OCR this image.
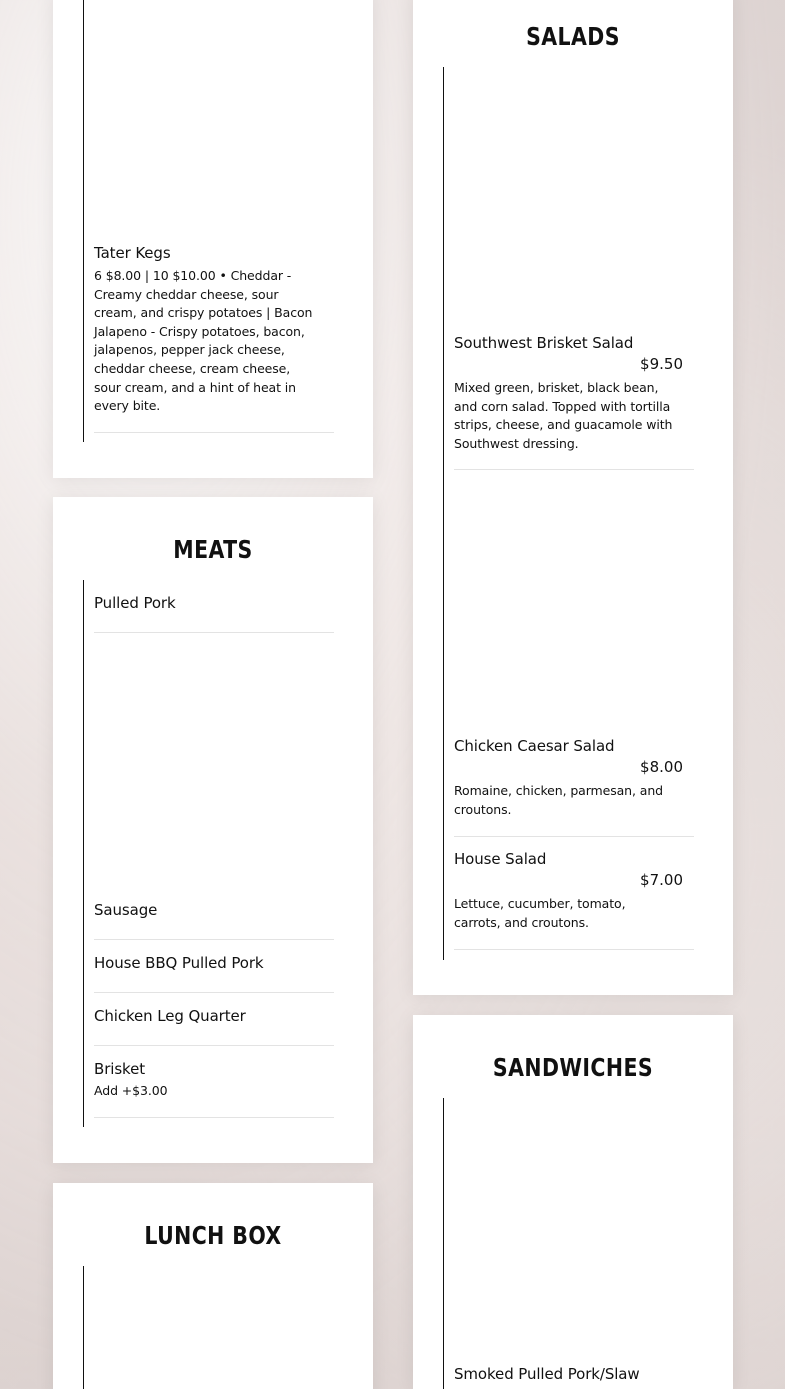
Tater Kegs
6 $8.00 | 10 $10.00 • Cheddar - Creamy cheddar cheese, sour cream, and crispy potatoes | Bacon Jalapeno - Crispy potatoes, bacon, jalapenos, pepper jack cheese, cheddar cheese, cream cheese, sour cream, and a hint of heat in every bite.
MEATS
Pulled Pork
Sausage
House BBQ Pulled Pork
Chicken Leg Quarter
Brisket
Add +$3.00
LUNCH BOX
SALADS
Southwest Brisket Salad
$9.50
Mixed green, brisket, black bean, and corn salad. Topped with tortilla strips, cheese, and guacamole with Southwest dressing.
Chicken Caesar Salad
$8.00
Romaine, chicken, parmesan, and croutons.
House Salad
$7.00
Lettuce, cucumber, tomato, carrots, and croutons.
SANDWICHES
Smoked Pulled Pork/Slaw
